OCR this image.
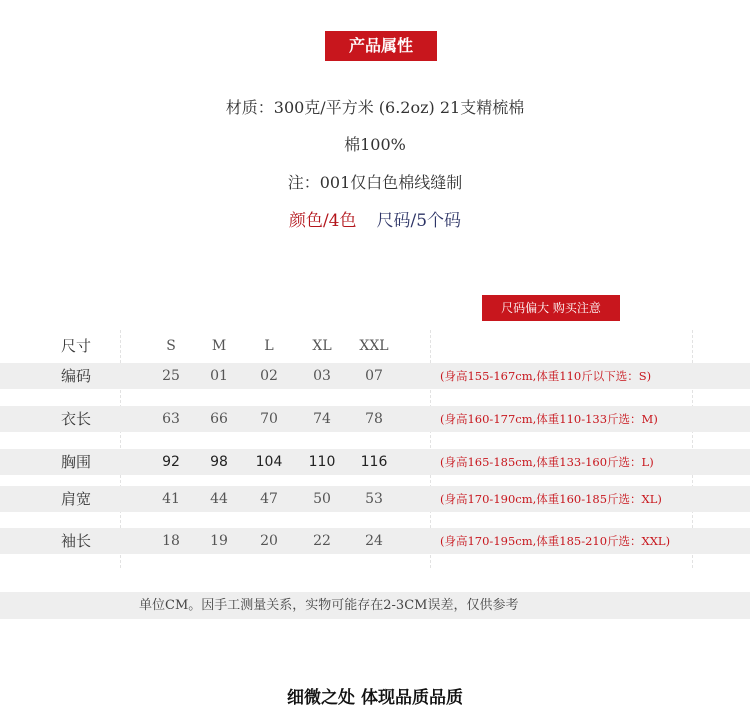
产品属性
材质：300克/平方米 (6.2oz) 21支精梳棉
棉100%
注：001仅白色棉线缝制
颜色/4色 尺码/5个码
尺码偏大 购买注意
尺寸	S	M	L	XL	XXL
编码	25	01	02	03	07	(身高155-167cm,体重110斤以下选：S)
衣长	63	66	70	74	78	(身高160-177cm,体重110-133斤选：M)
胸围	92	98	104	110	116	(身高165-185cm,体重133-160斤选：L)
肩宽	41	44	47	50	53	(身高170-190cm,体重160-185斤选：XL)
袖长	18	19	20	22	24	(身高170-195cm,体重185-210斤选：XXL)
单位CM。因手工测量关系，实物可能存在2-3CM误差，仅供参考
细微之处 体现品质品质
